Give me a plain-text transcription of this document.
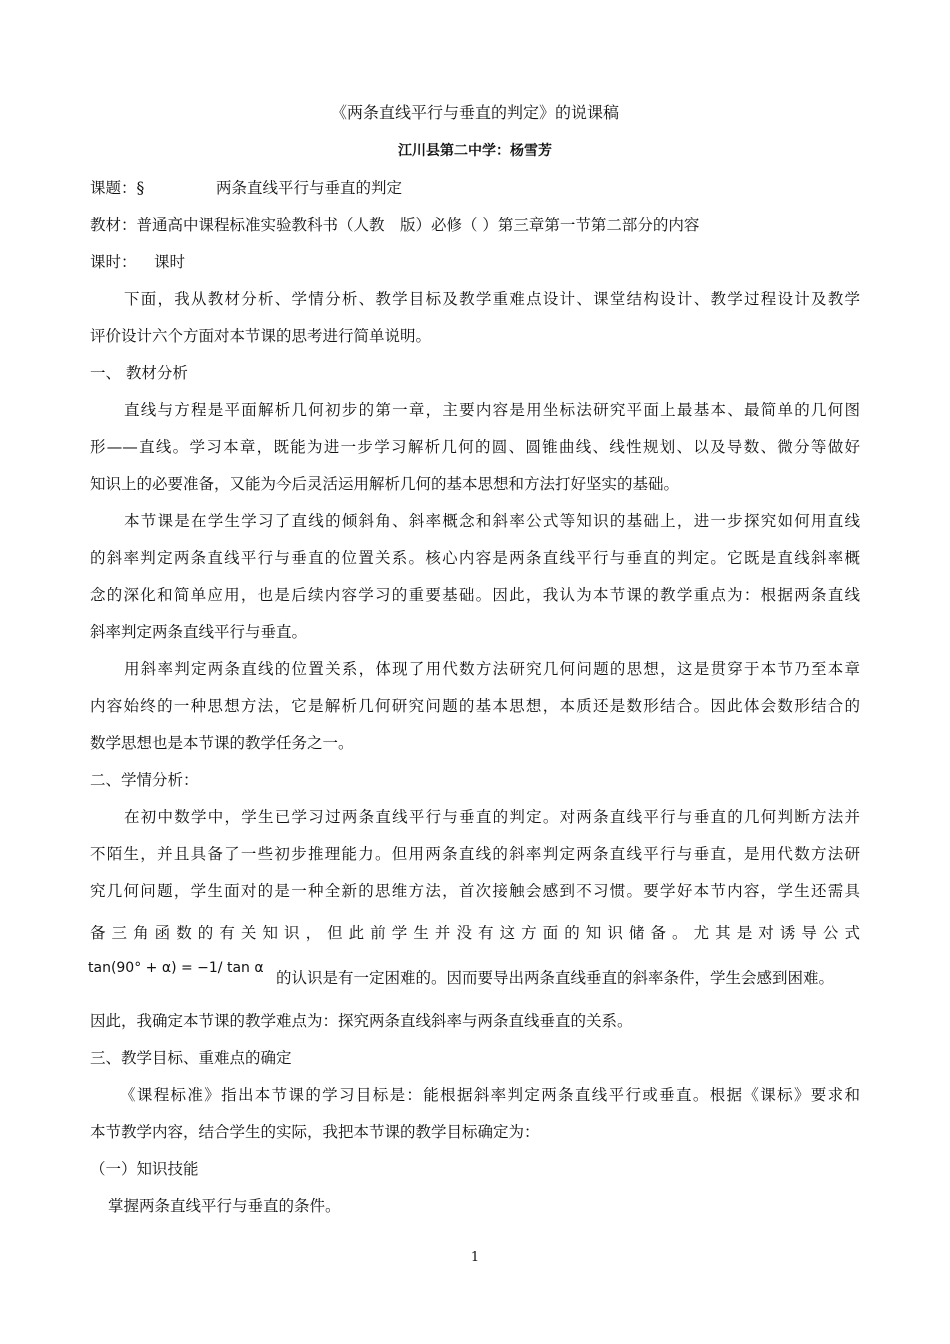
《两条直线平行与垂直的判定》的说课稿
江川县第二中学：杨雪芳
课题：§	两条直线平行与垂直的判定
教材：普通高中课程标准实验教科书（人教　版）必修（ ）第三章第一节第二部分的内容
课时： 课时
下面，我从教材分析、学情分析、教学目标及教学重难点设计、课堂结构设计、教学过程设计及教学
评价设计六个方面对本节课的思考进行简单说明。
一、 教材分析
直线与方程是平面解析几何初步的第一章，主要内容是用坐标法研究平面上最基本、最简单的几何图
形——直线。学习本章，既能为进一步学习解析几何的圆、圆锥曲线、线性规划、以及导数、微分等做好
知识上的必要准备，又能为今后灵活运用解析几何的基本思想和方法打好坚实的基础。
本节课是在学生学习了直线的倾斜角、斜率概念和斜率公式等知识的基础上，进一步探究如何用直线
的斜率判定两条直线平行与垂直的位置关系。核心内容是两条直线平行与垂直的判定。它既是直线斜率概
念的深化和简单应用，也是后续内容学习的重要基础。因此，我认为本节课的教学重点为：根据两条直线
斜率判定两条直线平行与垂直。
用斜率判定两条直线的位置关系，体现了用代数方法研究几何问题的思想，这是贯穿于本节乃至本章
内容始终的一种思想方法，它是解析几何研究问题的基本思想，本质还是数形结合。因此体会数形结合的
数学思想也是本节课的教学任务之一。
二、学情分析：
在初中数学中，学生已学习过两条直线平行与垂直的判定。对两条直线平行与垂直的几何判断方法并
不陌生，并且具备了一些初步推理能力。但用两条直线的斜率判定两条直线平行与垂直，是用代数方法研
究几何问题，学生面对的是一种全新的思维方法，首次接触会感到不习惯。要学好本节内容，学生还需具
备三角函数的有关知识，但此前学生并没有这方面的知识储备。尤其是对诱导公式
tan(90° + α) = −1/ tan α
的认识是有一定困难的。因而要导出两条直线垂直的斜率条件，学生会感到困难。
因此，我确定本节课的教学难点为：探究两条直线斜率与两条直线垂直的关系。
三、教学目标、重难点的确定
《课程标准》指出本节课的学习目标是：能根据斜率判定两条直线平行或垂直。根据《课标》要求和
本节教学内容，结合学生的实际，我把本节课的教学目标确定为：
（一）知识技能
掌握两条直线平行与垂直的条件。
1
